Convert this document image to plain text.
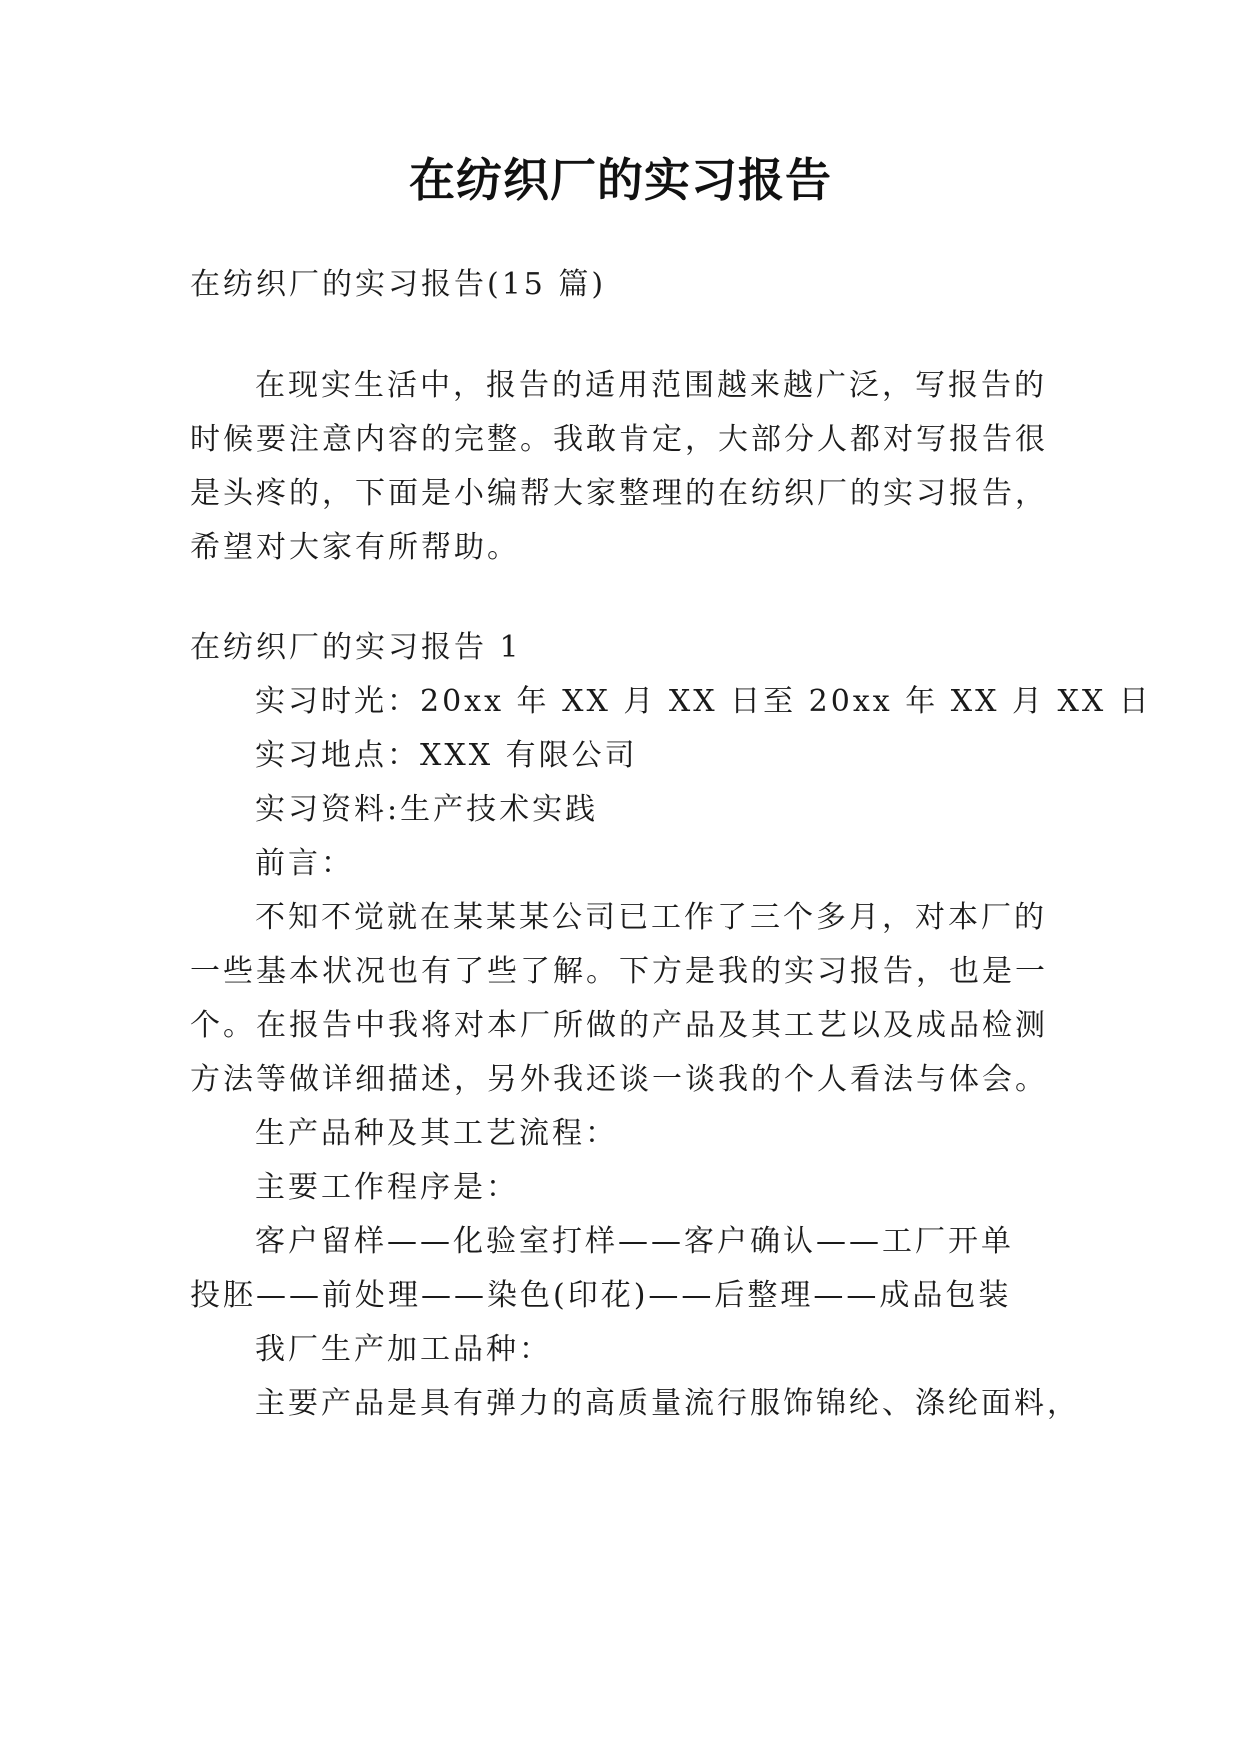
在纺织厂的实习报告
在纺织厂的实习报告(15 篇)
在现实生活中，报告的适用范围越来越广泛，写报告的
时候要注意内容的完整。我敢肯定，大部分人都对写报告很
是头疼的，下面是小编帮大家整理的在纺织厂的实习报告，
希望对大家有所帮助。
在纺织厂的实习报告 1
实习时光：20xx 年 XX 月 XX 日至 20xx 年 XX 月 XX 日
实习地点：XXX 有限公司
实习资料:生产技术实践
前言：
不知不觉就在某某某公司已工作了三个多月，对本厂的
一些基本状况也有了些了解。下方是我的实习报告，也是一
个。在报告中我将对本厂所做的产品及其工艺以及成品检测
方法等做详细描述，另外我还谈一谈我的个人看法与体会。
生产品种及其工艺流程：
主要工作程序是：
客户留样——化验室打样——客户确认——工厂开单
投胚——前处理——染色(印花)——后整理——成品包装
我厂生产加工品种：
主要产品是具有弹力的高质量流行服饰锦纶、涤纶面料，
